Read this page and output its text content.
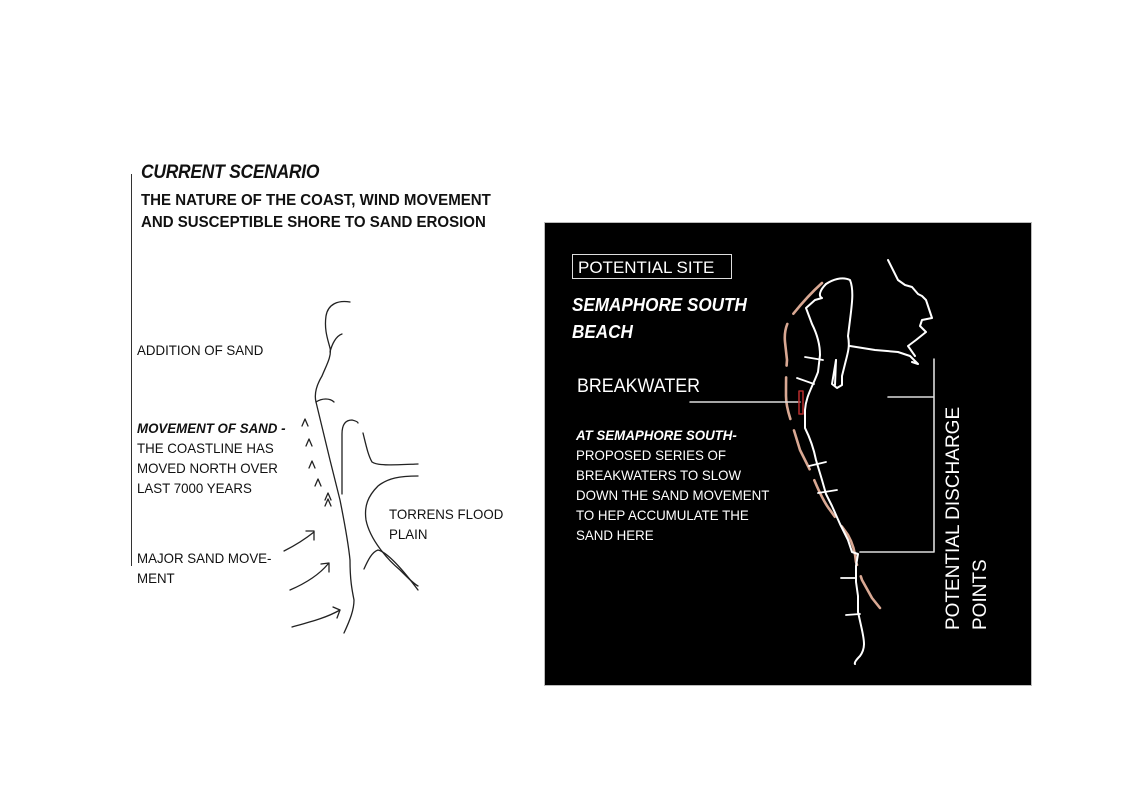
CURRENT SCENARIO
THE NATURE OF THE COAST, WIND MOVEMENT
AND SUSCEPTIBLE SHORE TO SAND EROSION
ADDITION OF SAND
MOVEMENT OF SAND -
THE COASTLINE HAS
MOVED NORTH OVER
LAST 7000 YEARS
MAJOR SAND MOVE-
MENT
TORRENS FLOOD
PLAIN
POTENTIAL SITE
SEMAPHORE SOUTH
BEACH
BREAKWATER
AT SEMAPHORE SOUTH-
PROPOSED SERIES OF
BREAKWATERS TO SLOW
DOWN THE SAND MOVEMENT
TO HEP ACCUMULATE THE
SAND HERE	POTENTIAL DISCHARGE POINTS
